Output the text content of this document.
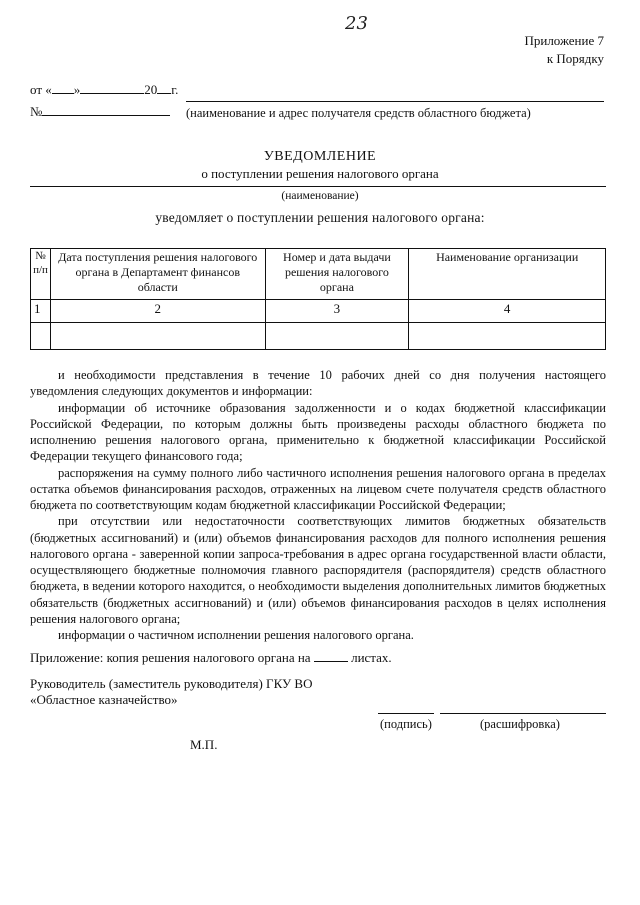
23
Приложение 7
к Порядку
от « »	20 г.
№	(наименование и адрес получателя средств областного бюджета)
УВЕДОМЛЕНИЕ
о поступлении решения налогового органа
(наименование)
уведомляет о поступлении решения налогового органа:
№ п/п	Дата поступления решения налогового органа в Департамент финансов области	Номер и дата выдачи решения налогового органа	Наименование организации
1	2	3	4

и необходимости представления в течение 10 рабочих дней со дня получения настоящего уведомления следующих документов и информации:

информации об источнике образования задолженности и о кодах бюджетной классификации Российской Федерации, по которым должны быть произведены расходы областного бюджета по исполнению решения налогового органа, применительно к бюджетной классификации Российской Федерации текущего финансового года;

распоряжения на сумму полного либо частичного исполнения решения налогового органа в пределах остатка объемов финансирования расходов, отраженных на лицевом счете получателя средств областного бюджета по соответствующим кодам бюджетной классификации Российской Федерации;

при отсутствии или недостаточности соответствующих лимитов бюджетных обязательств (бюджетных ассигнований) и (или) объемов финансирования расходов для полного исполнения решения налогового органа - заверенной копии запроса-требования в адрес органа государственной власти области, осуществляющего бюджетные полномочия главного распорядителя (распорядителя) средств областного бюджета, в ведении которого находится, о необходимости выделения дополнительных лимитов бюджетных обязательств (бюджетных ассигнований) и (или) объемов финансирования расходов в целях исполнения решения налогового органа;

информации о частичном исполнении решения налогового органа.

Приложение: копия решения налогового органа на	листах.
Руководитель (заместитель руководителя) ГКУ ВО
«Областное казначейство»
(подпись)	(расшифровка)
М.П.
